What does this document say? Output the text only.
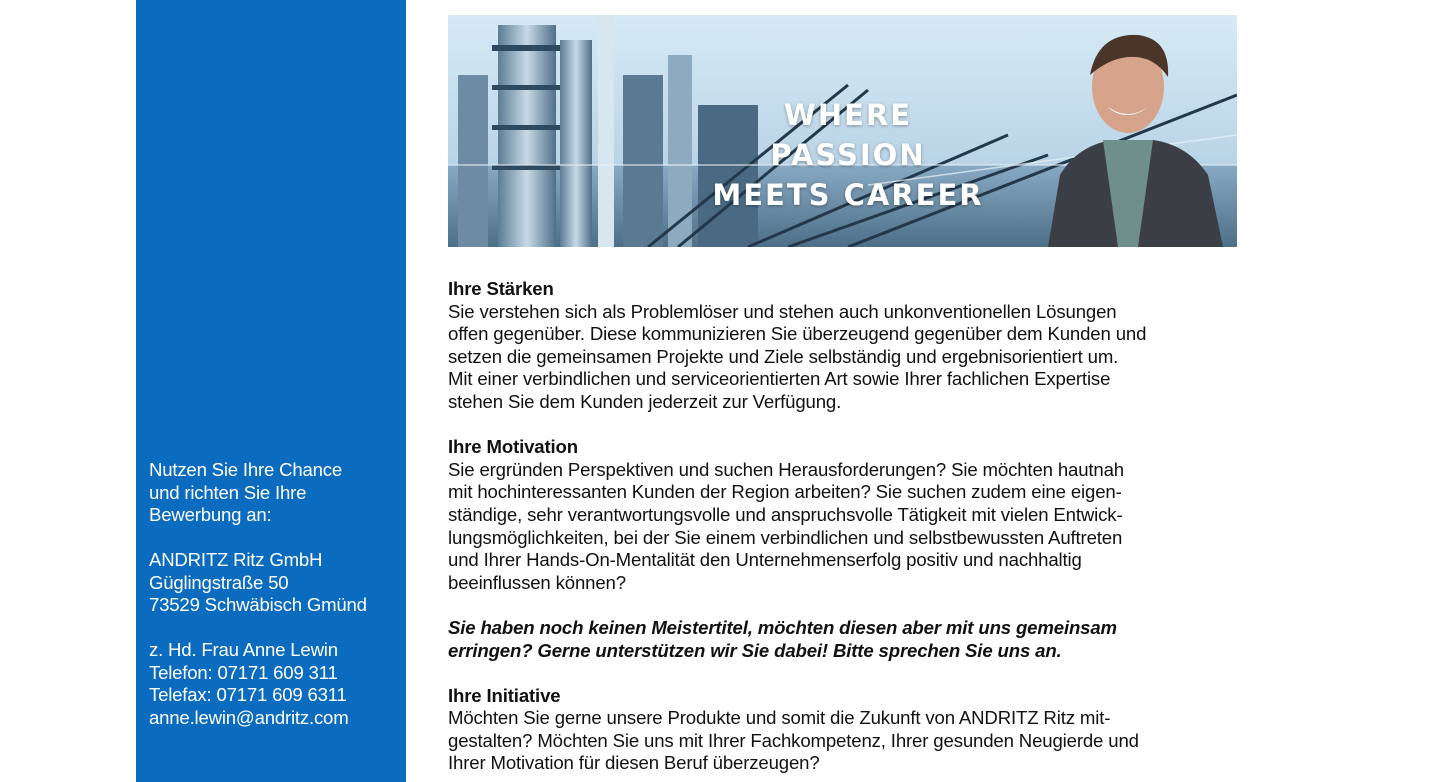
Nutzen Sie Ihre Chance
und richten Sie Ihre
Bewerbung an:
ANDRITZ Ritz GmbH
Güglingstraße 50
73529 Schwäbisch Gmünd
z. Hd. Frau Anne Lewin
Telefon: 07171 609 311
Telefax: 07171 609 6311
anne.lewin@andritz.com
WHERE PASSION
MEETS CAREER
Ihre Stärken
Sie verstehen sich als Problemlöser und stehen auch unkonventionellen Lösungen
offen gegenüber. Diese kommunizieren Sie überzeugend gegenüber dem Kunden und
setzen die gemeinsamen Projekte und Ziele selbständig und ergebnisorientiert um.
Mit einer verbindlichen und serviceorientierten Art sowie Ihrer fachlichen Expertise
stehen Sie dem Kunden jederzeit zur Verfügung.
Ihre Motivation
Sie ergründen Perspektiven und suchen Herausforderungen? Sie möchten hautnah
mit hochinteressanten Kunden der Region arbeiten? Sie suchen zudem eine eigen-
ständige, sehr verantwortungsvolle und anspruchsvolle Tätigkeit mit vielen Entwick-
lungsmöglichkeiten, bei der Sie einem verbindlichen und selbstbewussten Auftreten
und Ihrer Hands-On-Mentalität den Unternehmenserfolg positiv und nachhaltig
beeinflussen können?
Sie haben noch keinen Meistertitel, möchten diesen aber mit uns gemeinsam
erringen? Gerne unterstützen wir Sie dabei! Bitte sprechen Sie uns an.
Ihre Initiative
Möchten Sie gerne unsere Produkte und somit die Zukunft von ANDRITZ Ritz mit-
gestalten? Möchten Sie uns mit Ihrer Fachkompetenz, Ihrer gesunden Neugierde und
Ihrer Motivation für diesen Beruf überzeugen?
